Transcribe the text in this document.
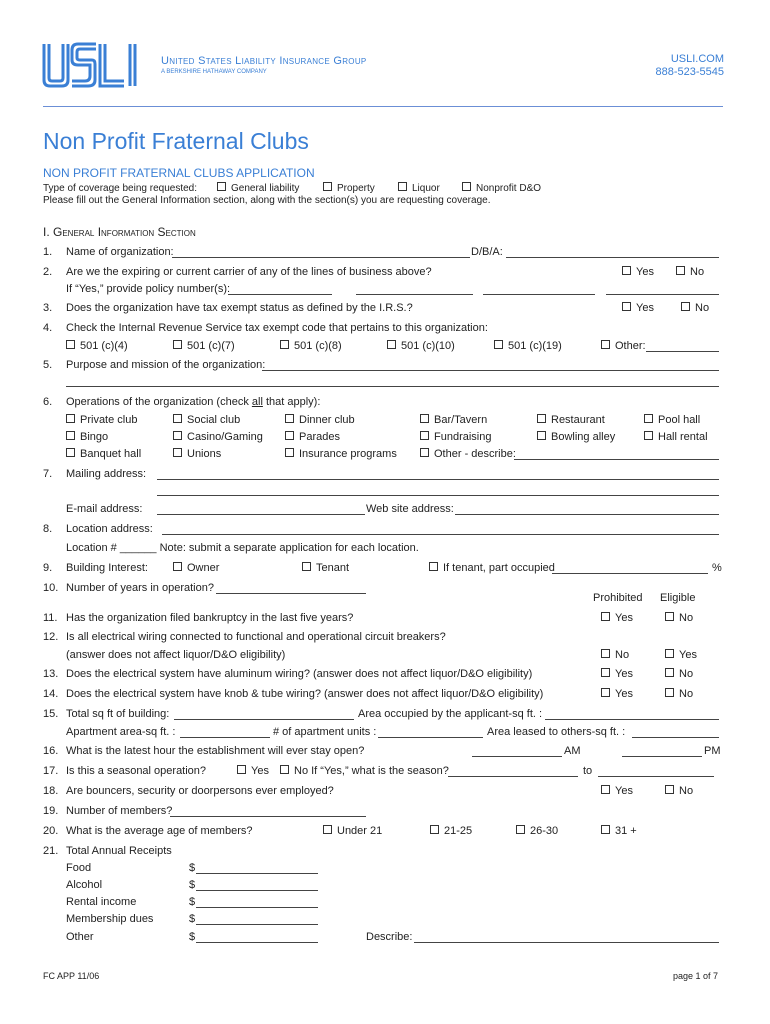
United States Liability Insurance Group
A BERKSHIRE HATHAWAY COMPANY
USLI.COM
888-523-5545
Non Profit Fraternal Clubs
NON PROFIT FRATERNAL CLUBS APPLICATION
Type of coverage being requested:	General liability	Property	Liquor	Nonprofit D&O
Please fill out the General Information section, along with the section(s) you are requesting coverage.
I. General Information Section
1. Name of organization:	D/B/A:
2. Are we the expiring or current carrier of any of the lines of business above?	Yes	No
If “Yes,” provide policy number(s):
3. Does the organization have tax exempt status as defined by the I.R.S.?	Yes	No
4. Check the Internal Revenue Service tax exempt code that pertains to this organization:
501 (c)(4)	501 (c)(7)	501 (c)(8)	501 (c)(10)	501 (c)(19)	Other:
5. Purpose and mission of the organization:
6. Operations of the organization (check all that apply):
Private club	Social club	Dinner club	Bar/Tavern	Restaurant	Pool hall
Bingo	Casino/Gaming	Parades	Fundraising	Bowling alley	Hall rental
Banquet hall	Unions	Insurance programs	Other - describe:
7. Mailing address:
E-mail address:	Web site address:
8. Location address:
Location # ______ Note: submit a separate application for each location.
9. Building Interest:	Owner	Tenant	If tenant, part occupied	%
10. Number of years in operation?
Prohibited Eligible
11. Has the organization filed bankruptcy in the last five years?	Yes	No
12. Is all electrical wiring connected to functional and operational circuit breakers?
(answer does not affect liquor/D&O eligibility)	No	Yes
13. Does the electrical system have aluminum wiring? (answer does not affect liquor/D&O eligibility)	Yes	No
14. Does the electrical system have knob & tube wiring? (answer does not affect liquor/D&O eligibility)	Yes	No
15. Total sq ft of building:	Area occupied by the applicant-sq ft. :
Apartment area-sq ft. :	# of apartment units :	Area leased to others-sq ft. :
16. What is the latest hour the establishment will ever stay open?	AM	PM
17. Is this a seasonal operation?	Yes	No If “Yes,” what is the season?	to
18. Are bouncers, security or doorpersons ever employed?	Yes	No
19. Number of members?
20. What is the average age of members?	Under 21	21-25	26-30	31 +
21. Total Annual Receipts
Food	$
Alcohol	$
Rental income	$
Membership dues	$
Other	$	Describe:
FC APP 11/06	page 1 of 7
